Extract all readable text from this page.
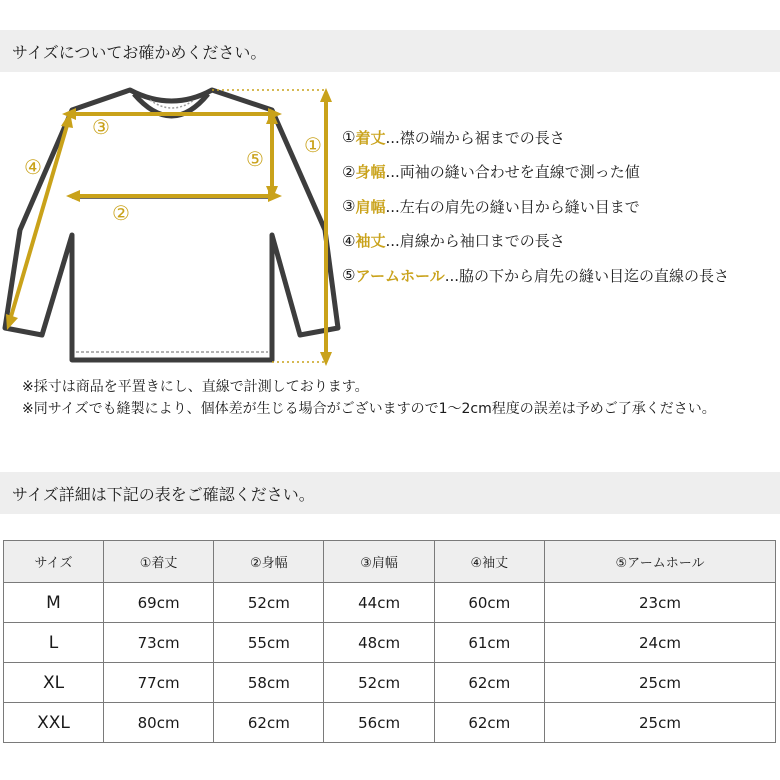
サイズについてお確かめください。
③
②
④	⑤
① ① 着丈 ...襟の端から裾までの長さ
② 身幅 ...両袖の縫い合わせを直線で測った値
③ 肩幅 ...左右の肩先の縫い目から縫い目まで
④ 袖丈 ...肩線から袖口までの長さ
⑤ アームホール ...脇の下から肩先の縫い目迄の直線の長さ
※採寸は商品を平置きにし、直線で計測しております。
※同サイズでも縫製により、個体差が生じる場合がございますので1～2cm程度の誤差は予めご了承ください。
サイズ詳細は下記の表をご確認ください。
サイズ	①着丈	②身幅	③肩幅	④袖丈	⑤アームホール
M	69cm	52cm	44cm	60cm	23cm
L	73cm	55cm	48cm	61cm	24cm
XL	77cm	58cm	52cm	62cm	25cm
XXL	80cm	62cm	56cm	62cm	25cm
